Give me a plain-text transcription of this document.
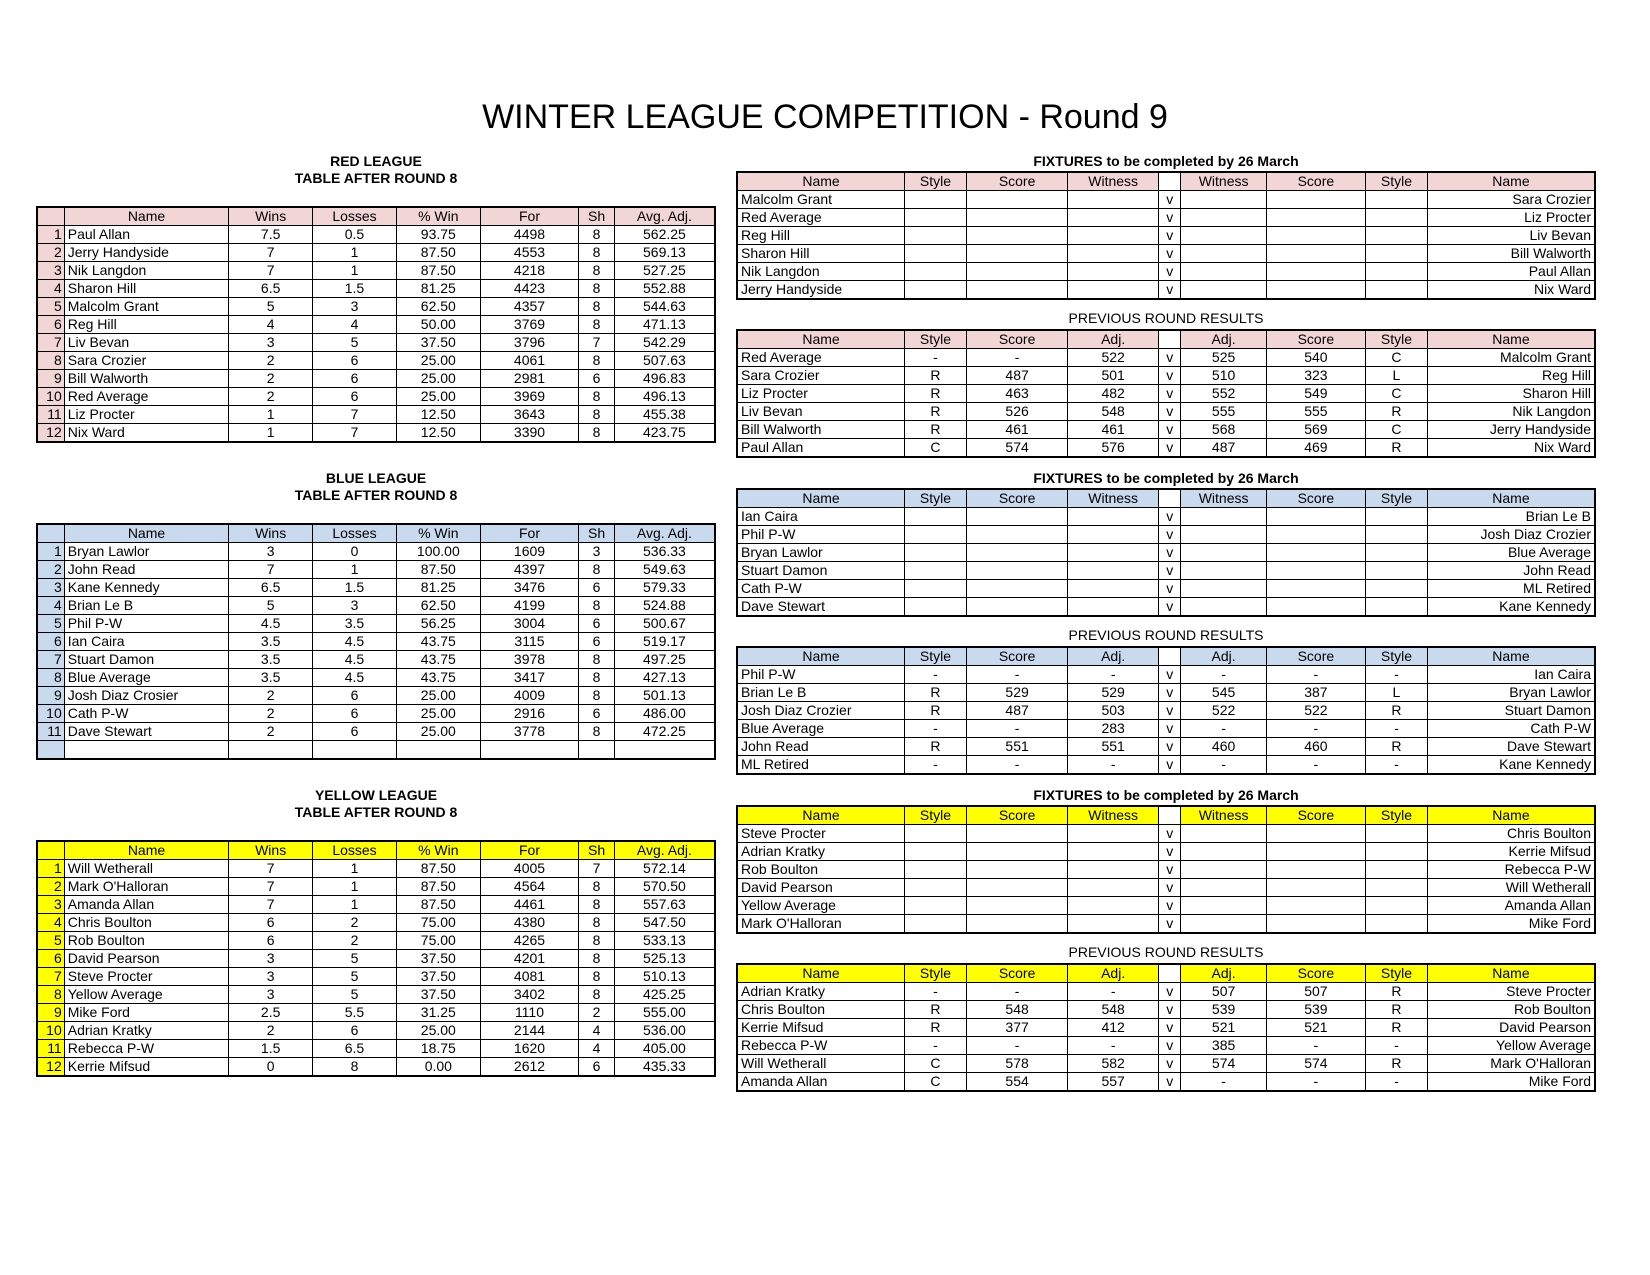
WINTER LEAGUE COMPETITION - Round 9
RED LEAGUE
TABLE AFTER ROUND 8
	Name	Wins	Losses	% Win	For	Sh	Avg. Adj.
1	Paul Allan	7.5	0.5	93.75	4498	8	562.25
2	Jerry Handyside	7	1	87.50	4553	8	569.13
3	Nik Langdon	7	1	87.50	4218	8	527.25
4	Sharon Hill	6.5	1.5	81.25	4423	8	552.88
5	Malcolm Grant	5	3	62.50	4357	8	544.63
6	Reg Hill	4	4	50.00	3769	8	471.13
7	Liv Bevan	3	5	37.50	3796	7	542.29
8	Sara Crozier	2	6	25.00	4061	8	507.63
9	Bill Walworth	2	6	25.00	2981	6	496.83
10	Red Average	2	6	25.00	3969	8	496.13
11	Liz Procter	1	7	12.50	3643	8	455.38
12	Nix Ward	1	7	12.50	3390	8	423.75
FIXTURES to be completed by 26 March
Name	Style	Score	Witness		Witness	Score	Style	Name
Malcolm Grant				v				Sara Crozier
Red Average				v				Liz Procter
Reg Hill				v				Liv Bevan
Sharon Hill				v				Bill Walworth
Nik Langdon				v				Paul Allan
Jerry Handyside				v				Nix Ward
PREVIOUS ROUND RESULTS
Name	Style	Score	Adj.		Adj.	Score	Style	Name
Red Average	-	-	522	v	525	540	C	Malcolm Grant
Sara Crozier	R	487	501	v	510	323	L	Reg Hill
Liz Procter	R	463	482	v	552	549	C	Sharon Hill
Liv Bevan	R	526	548	v	555	555	R	Nik Langdon
Bill Walworth	R	461	461	v	568	569	C	Jerry Handyside
Paul Allan	C	574	576	v	487	469	R	Nix Ward
BLUE LEAGUE
TABLE AFTER ROUND 8
	Name	Wins	Losses	% Win	For	Sh	Avg. Adj.
1	Bryan Lawlor	3	0	100.00	1609	3	536.33
2	John Read	7	1	87.50	4397	8	549.63
3	Kane Kennedy	6.5	1.5	81.25	3476	6	579.33
4	Brian Le B	5	3	62.50	4199	8	524.88
5	Phil P-W	4.5	3.5	56.25	3004	6	500.67
6	Ian Caira	3.5	4.5	43.75	3115	6	519.17
7	Stuart Damon	3.5	4.5	43.75	3978	8	497.25
8	Blue Average	3.5	4.5	43.75	3417	8	427.13
9	Josh Diaz Crosier	2	6	25.00	4009	8	501.13
10	Cath P-W	2	6	25.00	2916	6	486.00
11	Dave Stewart	2	6	25.00	3778	8	472.25

FIXTURES to be completed by 26 March
Name	Style	Score	Witness		Witness	Score	Style	Name
Ian Caira				v				Brian Le B
Phil P-W				v				Josh Diaz Crozier
Bryan Lawlor				v				Blue Average
Stuart Damon				v				John Read
Cath P-W				v				ML Retired
Dave Stewart				v				Kane Kennedy
PREVIOUS ROUND RESULTS
Name	Style	Score	Adj.		Adj.	Score	Style	Name
Phil P-W	-	-	-	v	-	-	-	Ian Caira
Brian Le B	R	529	529	v	545	387	L	Bryan Lawlor
Josh Diaz Crozier	R	487	503	v	522	522	R	Stuart Damon
Blue Average	-	-	283	v	-	-	-	Cath P-W
John Read	R	551	551	v	460	460	R	Dave Stewart
ML Retired	-	-	-	v	-	-	-	Kane Kennedy
YELLOW LEAGUE
TABLE AFTER ROUND 8
	Name	Wins	Losses	% Win	For	Sh	Avg. Adj.
1	Will Wetherall	7	1	87.50	4005	7	572.14
2	Mark O'Halloran	7	1	87.50	4564	8	570.50
3	Amanda Allan	7	1	87.50	4461	8	557.63
4	Chris Boulton	6	2	75.00	4380	8	547.50
5	Rob Boulton	6	2	75.00	4265	8	533.13
6	David Pearson	3	5	37.50	4201	8	525.13
7	Steve Procter	3	5	37.50	4081	8	510.13
8	Yellow Average	3	5	37.50	3402	8	425.25
9	Mike Ford	2.5	5.5	31.25	1110	2	555.00
10	Adrian Kratky	2	6	25.00	2144	4	536.00
11	Rebecca P-W	1.5	6.5	18.75	1620	4	405.00
12	Kerrie Mifsud	0	8	0.00	2612	6	435.33
FIXTURES to be completed by 26 March
Name	Style	Score	Witness		Witness	Score	Style	Name
Steve Procter				v				Chris Boulton
Adrian Kratky				v				Kerrie Mifsud
Rob Boulton				v				Rebecca P-W
David Pearson				v				Will Wetherall
Yellow Average				v				Amanda Allan
Mark O'Halloran				v				Mike Ford
PREVIOUS ROUND RESULTS
Name	Style	Score	Adj.		Adj.	Score	Style	Name
Adrian Kratky	-	-	-	v	507	507	R	Steve Procter
Chris Boulton	R	548	548	v	539	539	R	Rob Boulton
Kerrie Mifsud	R	377	412	v	521	521	R	David Pearson
Rebecca P-W	-	-	-	v	385	-	-	Yellow Average
Will Wetherall	C	578	582	v	574	574	R	Mark O'Halloran
Amanda Allan	C	554	557	v	-	-	-	Mike Ford
